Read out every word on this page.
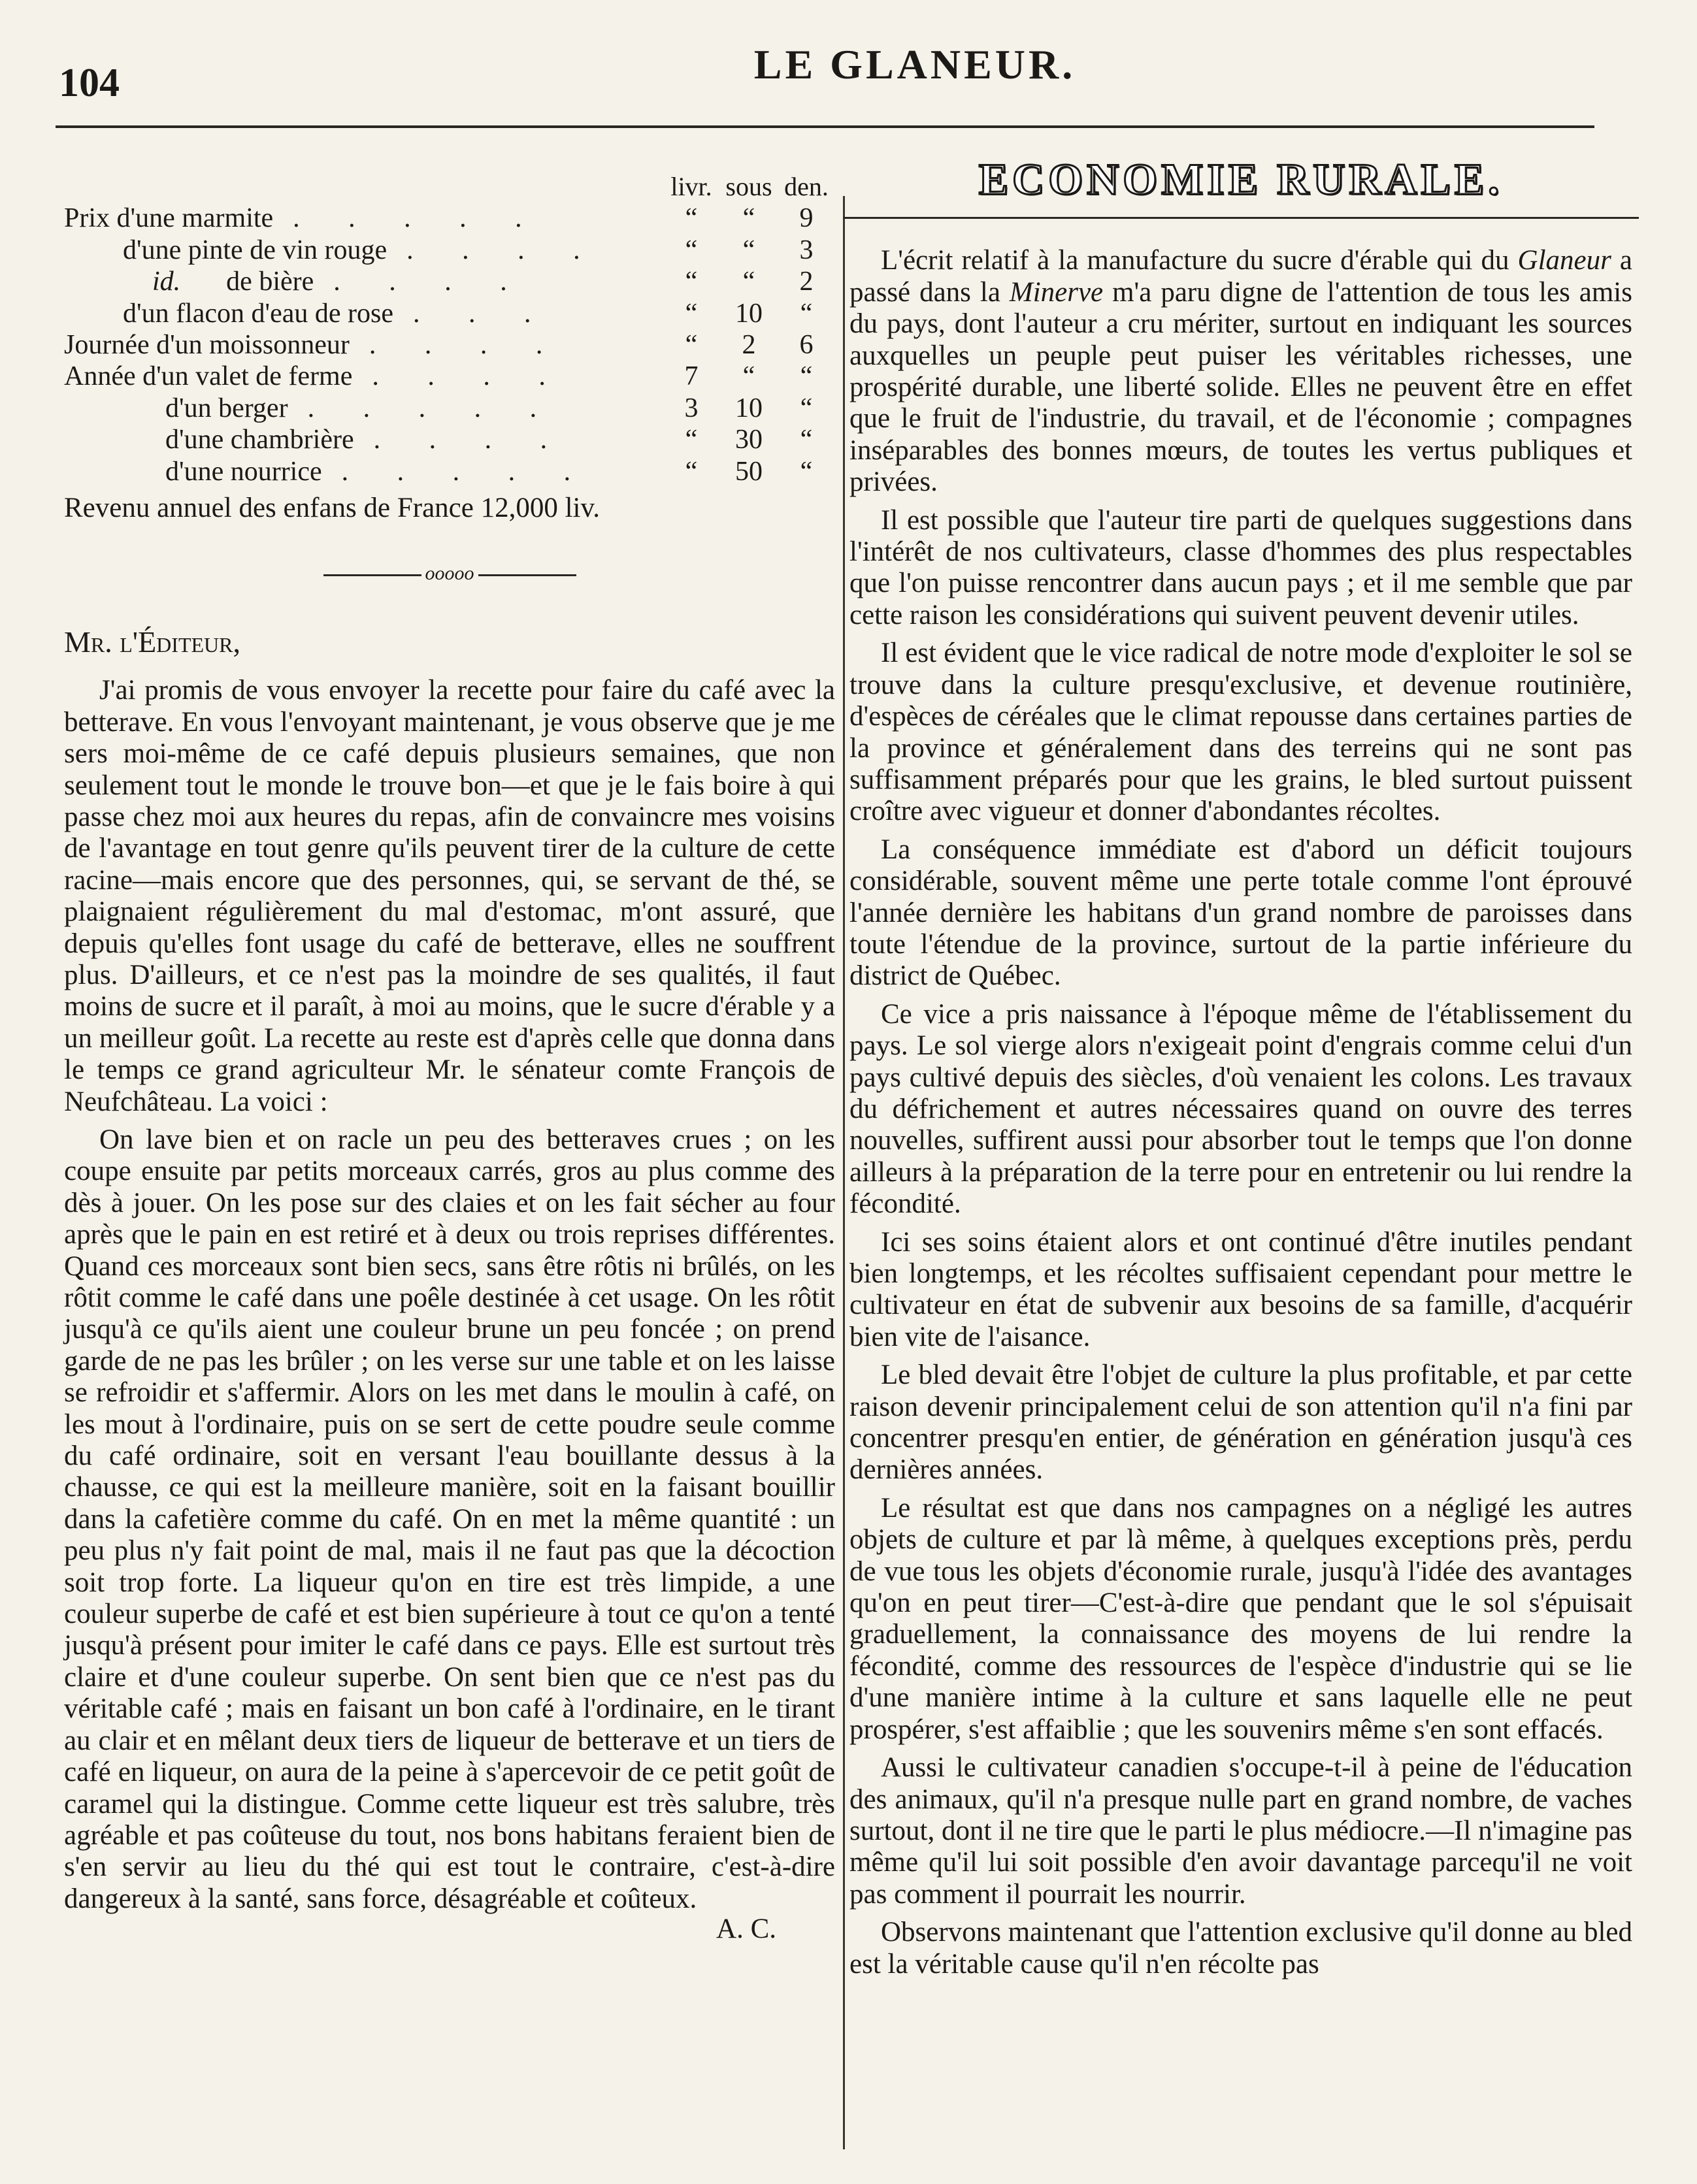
104	LE GLANEUR.
	livr.	sous	den.
Prix d'une marmite . . . . .	“	“	9
d'une pinte de vin rouge . . . .	“	“	3
id. de bière . . . .	“	“	2
d'un flacon d'eau de rose . . .	“	10	“
Journée d'un moissonneur . . . .	“	2	6
Année d'un valet de ferme . . . .	7	“	“
d'un berger . . . . .	3	10	“
d'une chambrière . . . .	“	30	“
d'une nourrice . . . . .	“	50	“
Revenu annuel des enfans de France 12,000 liv.
ooooo
Mr. l'Éditeur,

J'ai promis de vous envoyer la recette pour faire du café avec la betterave. En vous l'envoyant maintenant, je vous observe que je me sers moi-même de ce café depuis plusieurs semaines, que non seulement tout le monde le trouve bon—et que je le fais boire à qui passe chez moi aux heures du repas, afin de convaincre mes voisins de l'avantage en tout genre qu'ils peuvent tirer de la culture de cette racine—mais encore que des personnes, qui, se servant de thé, se plaignaient régulièrement du mal d'estomac, m'ont assuré, que depuis qu'elles font usage du café de betterave, elles ne souffrent plus. D'ailleurs, et ce n'est pas la moindre de ses qualités, il faut moins de sucre et il paraît, à moi au moins, que le sucre d'érable y a un meilleur goût. La recette au reste est d'après celle que donna dans le temps ce grand agriculteur Mr. le sénateur comte François de Neufchâteau. La voici :

On lave bien et on racle un peu des betteraves crues ; on les coupe ensuite par petits morceaux carrés, gros au plus comme des dès à jouer. On les pose sur des claies et on les fait sécher au four après que le pain en est retiré et à deux ou trois reprises différentes. Quand ces morceaux sont bien secs, sans être rôtis ni brûlés, on les rôtit comme le café dans une poêle destinée à cet usage. On les rôtit jusqu'à ce qu'ils aient une couleur brune un peu foncée ; on prend garde de ne pas les brûler ; on les verse sur une table et on les laisse se refroidir et s'affermir. Alors on les met dans le moulin à café, on les mout à l'ordinaire, puis on se sert de cette poudre seule comme du café ordinaire, soit en versant l'eau bouillante dessus à la chausse, ce qui est la meilleure manière, soit en la faisant bouillir dans la cafetière comme du café. On en met la même quantité : un peu plus n'y fait point de mal, mais il ne faut pas que la décoction soit trop forte. La liqueur qu'on en tire est très limpide, a une couleur superbe de café et est bien supérieure à tout ce qu'on a tenté jusqu'à présent pour imiter le café dans ce pays. Elle est surtout très claire et d'une couleur superbe. On sent bien que ce n'est pas du véritable café ; mais en faisant un bon café à l'ordinaire, en le tirant au clair et en mêlant deux tiers de liqueur de betterave et un tiers de café en liqueur, on aura de la peine à s'apercevoir de ce petit goût de caramel qui la distingue. Comme cette liqueur est très salubre, très agréable et pas coûteuse du tout, nos bons habitans feraient bien de s'en servir au lieu du thé qui est tout le contraire, c'est-à-dire dangereux à la santé, sans force, désagréable et coûteux.

A. C.

ECONOMIE RURALE.

L'écrit relatif à la manufacture du sucre d'érable qui du Glaneur a passé dans la Minerve m'a paru digne de l'attention de tous les amis du pays, dont l'auteur a cru mériter, surtout en indiquant les sources auxquelles un peuple peut puiser les véritables richesses, une prospérité durable, une liberté solide. Elles ne peuvent être en effet que le fruit de l'industrie, du travail, et de l'économie ; compagnes inséparables des bonnes mœurs, de toutes les vertus publiques et privées.

Il est possible que l'auteur tire parti de quelques suggestions dans l'intérêt de nos cultivateurs, classe d'hommes des plus respectables que l'on puisse rencontrer dans aucun pays ; et il me semble que par cette raison les considérations qui suivent peuvent devenir utiles.

Il est évident que le vice radical de notre mode d'exploiter le sol se trouve dans la culture presqu'exclusive, et devenue routinière, d'espèces de céréales que le climat repousse dans certaines parties de la province et généralement dans des terreins qui ne sont pas suffisamment préparés pour que les grains, le bled surtout puissent croître avec vigueur et donner d'abondantes récoltes.

La conséquence immédiate est d'abord un déficit toujours considérable, souvent même une perte totale comme l'ont éprouvé l'année dernière les habitans d'un grand nombre de paroisses dans toute l'étendue de la province, surtout de la partie inférieure du district de Québec.

Ce vice a pris naissance à l'époque même de l'établissement du pays. Le sol vierge alors n'exigeait point d'engrais comme celui d'un pays cultivé depuis des siècles, d'où venaient les colons. Les travaux du défrichement et autres nécessaires quand on ouvre des terres nouvelles, suffirent aussi pour absorber tout le temps que l'on donne ailleurs à la préparation de la terre pour en entretenir ou lui rendre la fécondité.

Ici ses soins étaient alors et ont continué d'être inutiles pendant bien longtemps, et les récoltes suffisaient cependant pour mettre le cultivateur en état de subvenir aux besoins de sa famille, d'acquérir bien vite de l'aisance.

Le bled devait être l'objet de culture la plus profitable, et par cette raison devenir principalement celui de son attention qu'il n'a fini par concentrer presqu'en entier, de génération en génération jusqu'à ces dernières années.

Le résultat est que dans nos campagnes on a négligé les autres objets de culture et par là même, à quelques exceptions près, perdu de vue tous les objets d'économie rurale, jusqu'à l'idée des avantages qu'on en peut tirer—C'est-à-dire que pendant que le sol s'épuisait graduellement, la connaissance des moyens de lui rendre la fécondité, comme des ressources de l'espèce d'industrie qui se lie d'une manière intime à la culture et sans laquelle elle ne peut prospérer, s'est affaiblie ; que les souvenirs même s'en sont effacés.

Aussi le cultivateur canadien s'occupe-t-il à peine de l'éducation des animaux, qu'il n'a presque nulle part en grand nombre, de vaches surtout, dont il ne tire que le parti le plus médiocre.—Il n'imagine pas même qu'il lui soit possible d'en avoir davantage parcequ'il ne voit pas comment il pourrait les nourrir.

Observons maintenant que l'attention exclusive qu'il donne au bled est la véritable cause qu'il n'en récolte pas
